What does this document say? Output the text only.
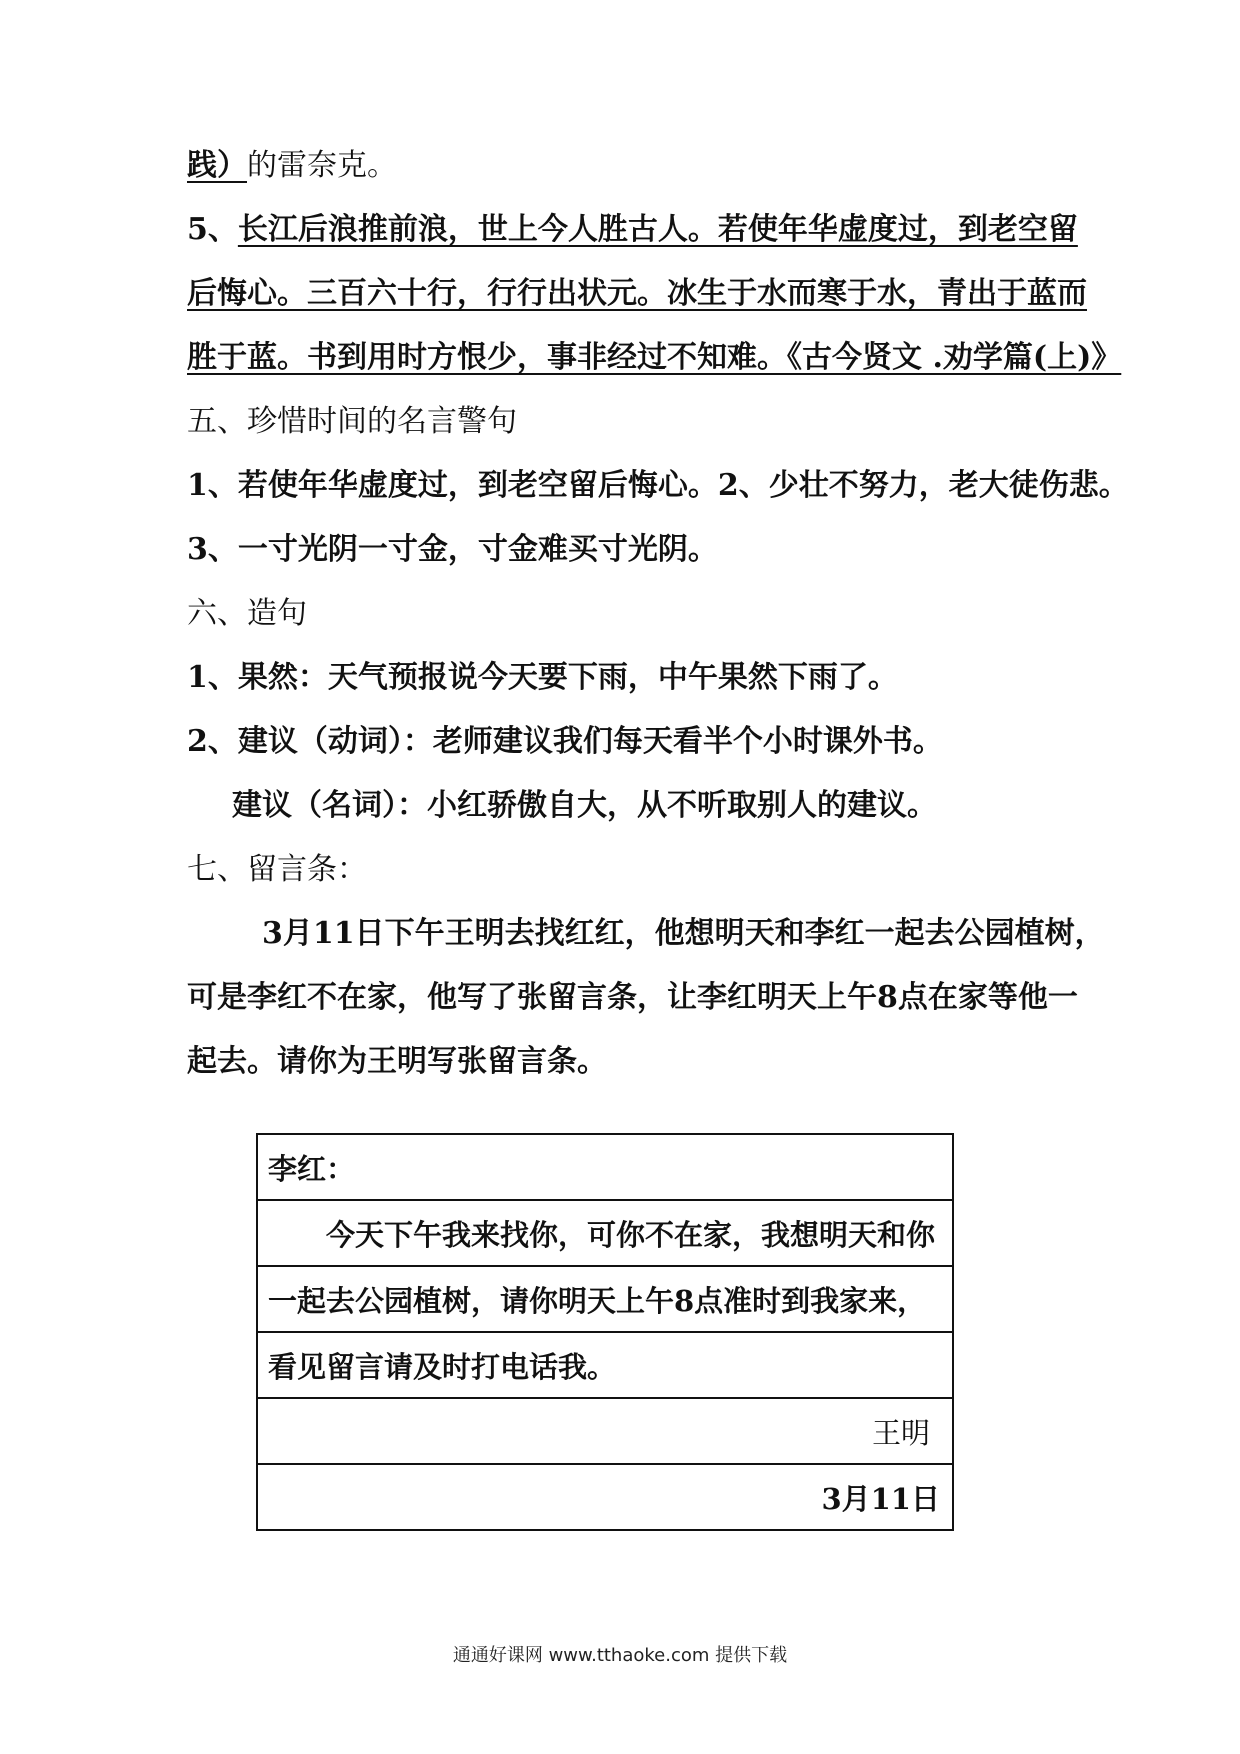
践）的雷奈克。
5、长江后浪推前浪，世上今人胜古人。若使年华虚度过，到老空留
后悔心。三百六十行，行行出状元。冰生于水而寒于水，青出于蓝而
胜于蓝。书到用时方恨少，事非经过不知难。《古今贤文 .劝学篇(上)》
五、珍惜时间的名言警句
1、若使年华虚度过，到老空留后悔心。2、少壮不努力，老大徒伤悲。
3、一寸光阴一寸金，寸金难买寸光阴。
六、造句
1、果然：天气预报说今天要下雨，中午果然下雨了。
2、建议（动词）：老师建议我们每天看半个小时课外书。
建议（名词）：小红骄傲自大，从不听取别人的建议。
七、留言条：
3月11日下午王明去找红红，他想明天和李红一起去公园植树，
可是李红不在家，他写了张留言条，让李红明天上午8点在家等他一
起去。请你为王明写张留言条。
李红：
今天下午我来找你，可你不在家，我想明天和你
一起去公园植树，请你明天上午8点准时到我家来，
看见留言请及时打电话我。
王明
3月11日
通通好课网 www.tthaoke.com 提供下载
